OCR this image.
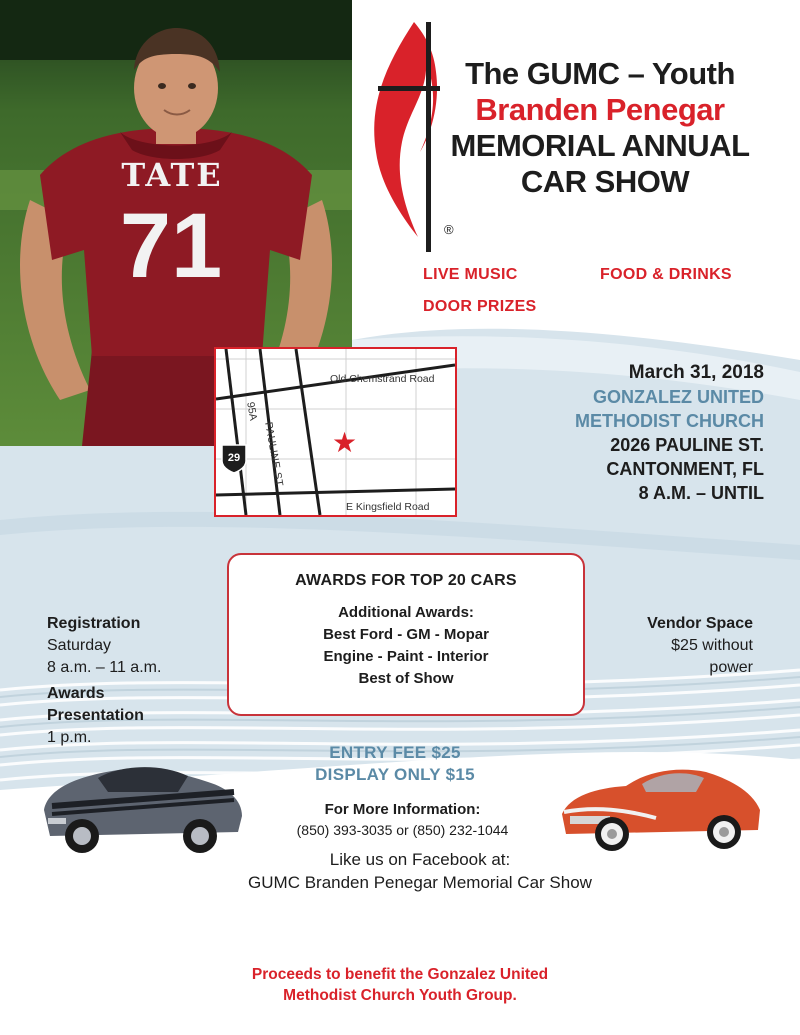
TATE
71	®
The GUMC – Youth
Branden Penegar
MEMORIAL ANNUAL
CAR SHOW
LIVE MUSIC	FOOD & DRINKS
DOOR PRIZES
Old Chemstrand Road
E Kingsfield Road
PAULINE ST
95A
★
29
March 31, 2018
GONZALEZ UNITED
METHODIST CHURCH
2026 PAULINE ST.
CANTONMENT, FL
8 A.M. – UNTIL
AWARDS FOR TOP 20 CARS
Additional Awards:
Best Ford - GM - Mopar
Engine - Paint - Interior
Best of Show
Registration
Saturday
8 a.m. – 11 a.m.
Awards
Presentation
1 p.m.
Vendor Space
$25 without
power
ENTRY FEE $25
DISPLAY ONLY $15
For More Information:
(850) 393-3035 or (850) 232-1044
Like us on Facebook at:
GUMC Branden Penegar Memorial Car Show
Proceeds to benefit the Gonzalez United
Methodist Church Youth Group.
